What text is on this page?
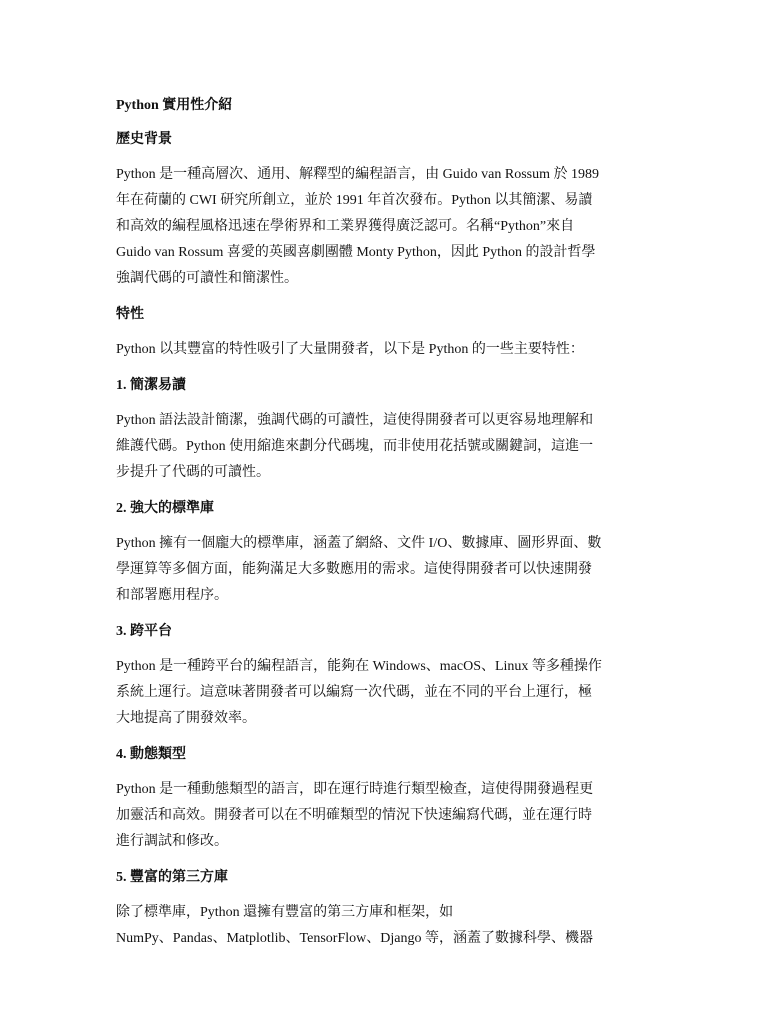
Python 實用性介紹
歷史背景
Python 是一種高層次、通用、解釋型的編程語言，由 Guido van Rossum 於 1989
年在荷蘭的 CWI 研究所創立，並於 1991 年首次發布。Python 以其簡潔、易讀
和高效的編程風格迅速在學術界和工業界獲得廣泛認可。名稱“Python”來自
Guido van Rossum 喜愛的英國喜劇團體 Monty Python，因此 Python 的設計哲學
強調代碼的可讀性和簡潔性。
特性
Python 以其豐富的特性吸引了大量開發者，以下是 Python 的一些主要特性：
1. 簡潔易讀
Python 語法設計簡潔，強調代碼的可讀性，這使得開發者可以更容易地理解和
維護代碼。Python 使用縮進來劃分代碼塊，而非使用花括號或關鍵詞，這進一
步提升了代碼的可讀性。
2. 強大的標準庫
Python 擁有一個龐大的標準庫，涵蓋了網絡、文件 I/O、數據庫、圖形界面、數
學運算等多個方面，能夠滿足大多數應用的需求。這使得開發者可以快速開發
和部署應用程序。
3. 跨平台
Python 是一種跨平台的編程語言，能夠在 Windows、macOS、Linux 等多種操作
系統上運行。這意味著開發者可以編寫一次代碼，並在不同的平台上運行，極
大地提高了開發效率。
4. 動態類型
Python 是一種動態類型的語言，即在運行時進行類型檢查，這使得開發過程更
加靈活和高效。開發者可以在不明確類型的情況下快速編寫代碼，並在運行時
進行調試和修改。
5. 豐富的第三方庫
除了標準庫，Python 還擁有豐富的第三方庫和框架，如
NumPy、Pandas、Matplotlib、TensorFlow、Django 等，涵蓋了數據科學、機器
